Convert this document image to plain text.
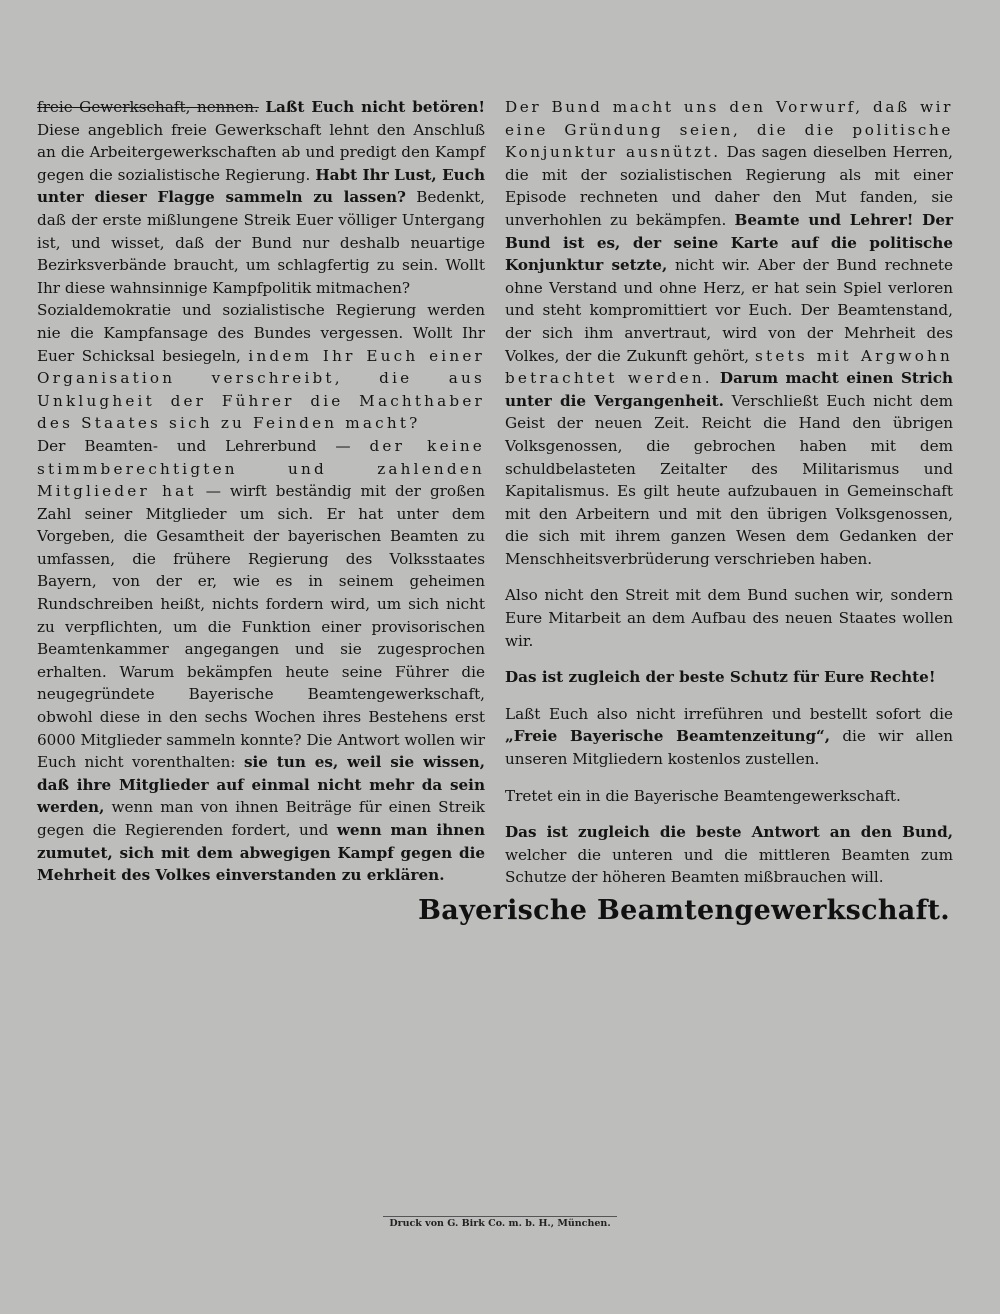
freie Gewerkschaft, nennen. Laßt Euch nicht betören! Diese angeblich freie Gewerkschaft lehnt den Anschluß an die Arbeitergewerkschaften ab und predigt den Kampf gegen die sozialistische Regierung. Habt Ihr Lust, Euch unter dieser Flagge sammeln zu lassen? Bedenkt, daß der erste mißlungene Streik Euer völliger Untergang ist, und wisset, daß der Bund nur deshalb neuartige Bezirksverbände braucht, um schlagfertig zu sein. Wollt Ihr diese wahnsinnige Kampfpolitik mitmachen?

Sozialdemokratie und sozialistische Regierung werden nie die Kampfansage des Bundes vergessen. Wollt Ihr Euer Schicksal besiegeln, indem Ihr Euch einer Organisation verschreibt, die aus Unklugheit der Führer die Machthaber des Staates sich zu Feinden macht?

Der Beamten- und Lehrerbund — der keine stimmberechtigten und zahlenden Mitglieder hat — wirft beständig mit der großen Zahl seiner Mitglieder um sich. Er hat unter dem Vorgeben, die Gesamtheit der bayerischen Beamten zu umfassen, die frühere Regierung des Volksstaates Bayern, von der er, wie es in seinem geheimen Rundschreiben heißt, nichts fordern wird, um sich nicht zu verpflichten, um die Funktion einer provisorischen Beamtenkammer angegangen und sie zugesprochen erhalten. Warum bekämpfen heute seine Führer die neugegründete Bayerische Beamtengewerkschaft, obwohl diese in den sechs Wochen ihres Bestehens erst 6000 Mitglieder sammeln konnte? Die Antwort wollen wir Euch nicht vorenthalten: sie tun es, weil sie wissen, daß ihre Mitglieder auf einmal nicht mehr da sein werden, wenn man von ihnen Beiträge für einen Streik gegen die Regierenden fordert, und wenn man ihnen zumutet, sich mit dem abwegigen Kampf gegen die Mehrheit des Volkes einverstanden zu erklären.

Der Bund macht uns den Vorwurf, daß wir eine Gründung seien, die die politische Konjunktur ausnützt. Das sagen dieselben Herren, die mit der sozialistischen Regierung als mit einer Episode rechneten und daher den Mut fanden, sie unverhohlen zu bekämpfen. Beamte und Lehrer! Der Bund ist es, der seine Karte auf die politische Konjunktur setzte, nicht wir. Aber der Bund rechnete ohne Verstand und ohne Herz, er hat sein Spiel verloren und steht kompromittiert vor Euch. Der Beamtenstand, der sich ihm anvertraut, wird von der Mehrheit des Volkes, der die Zukunft gehört, stets mit Argwohn betrachtet werden. Darum macht einen Strich unter die Vergangenheit. Verschließt Euch nicht dem Geist der neuen Zeit. Reicht die Hand den übrigen Volksgenossen, die gebrochen haben mit dem schuldbelasteten Zeitalter des Militarismus und Kapitalismus. Es gilt heute aufzubauen in Gemeinschaft mit den Arbeitern und mit den übrigen Volksgenossen, die sich mit ihrem ganzen Wesen dem Gedanken der Menschheitsverbrüderung verschrieben haben.

Also nicht den Streit mit dem Bund suchen wir, sondern Eure Mitarbeit an dem Aufbau des neuen Staates wollen wir.

Das ist zugleich der beste Schutz für Eure Rechte!

Laßt Euch also nicht irreführen und bestellt sofort die „Freie Bayerische Beamtenzeitung“, die wir allen unseren Mitgliedern kostenlos zustellen.

Tretet ein in die Bayerische Beamtengewerkschaft.

Das ist zugleich die beste Antwort an den Bund, welcher die unteren und die mittleren Beamten zum Schutze der höheren Beamten mißbrauchen will.

Bayerische Beamtengewerkschaft.
Druck von G. Birk Co. m. b. H., München.
